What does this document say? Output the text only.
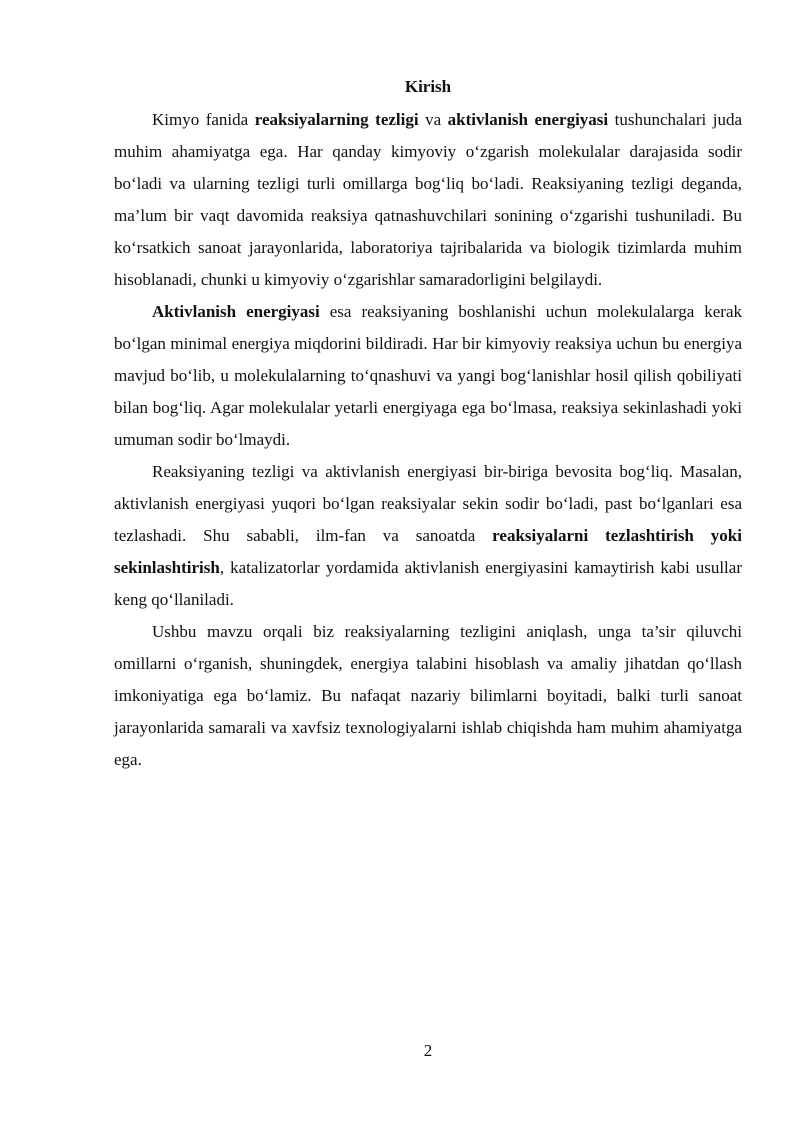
Kirish

Kimyo fanida reaksiyalarning tezligi va aktivlanish energiyasi tushunchalari juda muhim ahamiyatga ega. Har qanday kimyoviy o‘zgarish molekulalar darajasida sodir bo‘ladi va ularning tezligi turli omillarga bog‘liq bo‘ladi. Reaksiyaning tezligi deganda, ma’lum bir vaqt davomida reaksiya qatnashuvchilari sonining o‘zgarishi tushuniladi. Bu ko‘rsatkich sanoat jarayonlarida, laboratoriya tajribalarida va biologik tizimlarda muhim hisoblanadi, chunki u kimyoviy o‘zgarishlar samaradorligini belgilaydi.

Aktivlanish energiyasi esa reaksiyaning boshlanishi uchun molekulalarga kerak bo‘lgan minimal energiya miqdorini bildiradi. Har bir kimyoviy reaksiya uchun bu energiya mavjud bo‘lib, u molekulalarning to‘qnashuvi va yangi bog‘lanishlar hosil qilish qobiliyati bilan bog‘liq. Agar molekulalar yetarli energiyaga ega bo‘lmasa, reaksiya sekinlashadi yoki umuman sodir bo‘lmaydi.

Reaksiyaning tezligi va aktivlanish energiyasi bir-biriga bevosita bog‘liq. Masalan, aktivlanish energiyasi yuqori bo‘lgan reaksiyalar sekin sodir bo‘ladi, past bo‘lganlari esa tezlashadi. Shu sababli, ilm-fan va sanoatda reaksiyalarni tezlashtirish yoki sekinlashtirish, katalizatorlar yordamida aktivlanish energiyasini kamaytirish kabi usullar keng qo‘llaniladi.

Ushbu mavzu orqali biz reaksiyalarning tezligini aniqlash, unga ta’sir qiluvchi omillarni o‘rganish, shuningdek, energiya talabini hisoblash va amaliy jihatdan qo‘llash imkoniyatiga ega bo‘lamiz. Bu nafaqat nazariy bilimlarni boyitadi, balki turli sanoat jarayonlarida samarali va xavfsiz texnologiyalarni ishlab chiqishda ham muhim ahamiyatga ega.

2
